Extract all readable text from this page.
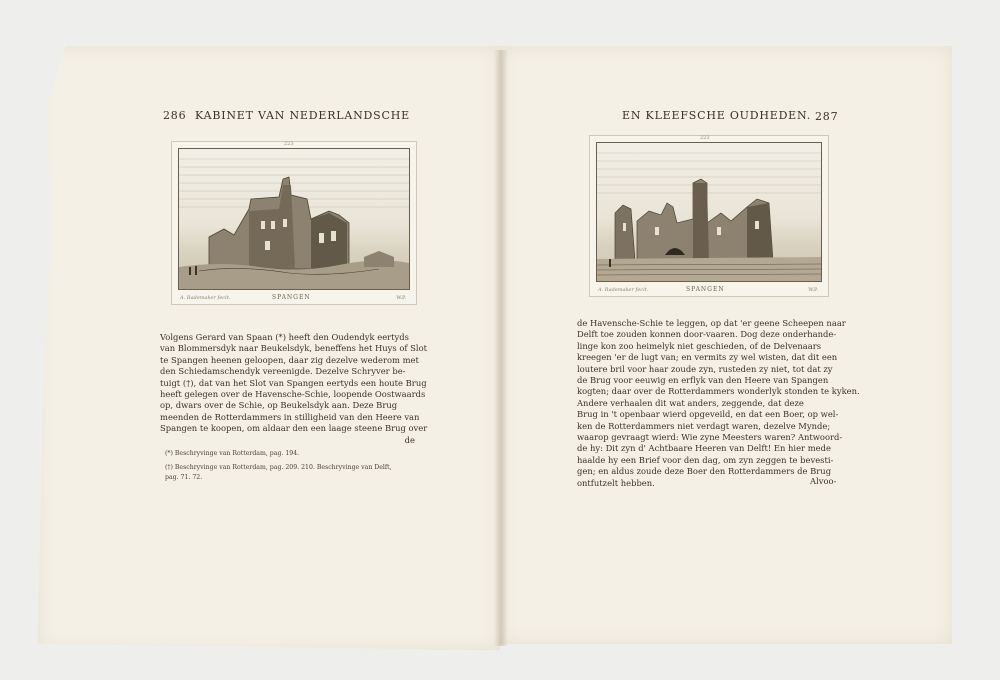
286 KABINET VAN NEDERLANDSCHE	EN KLEEFSCHE OUDHEDEN. 287
223
A. Rademaker fecit.	SPANGEN	W.P.
223
A. Rademaker fecit.	SPANGEN	W.P.

Volgens Gerard van Spaan (*) heeft den Oudendyk eertyds

van Blommersdyk naar Beukelsdyk, beneffens het Huys of Slot

te Spangen heenen geloopen, daar zig dezelve wederom met

den Schiedamschendyk vereenigde. Dezelve Schryver be-

tuigt (†), dat van het Slot van Spangen eertyds een houte Brug

heeft gelegen over de Havensche-Schie, loopende Oostwaards

op, dwars over de Schie, op Beukelsdyk aan. Deze Brug

meenden de Rotterdammers in stilligheid van den Heere van

Spangen te koopen, om aldaar den een laage steene Brug over

de

(*) Beschryvinge van Rotterdam, pag. 194.
(†) Beschryvinge van Rotterdam, pag. 209. 210. Beschryvinge van Delft,
pag. 71. 72.

de Havensche-Schie te leggen, op dat 'er geene Scheepen naar

Delft toe zouden konnen door-vaaren. Dog deze onderhande-

linge kon zoo heimelyk niet geschieden, of de Delvenaars

kreegen 'er de lugt van; en vermits zy wel wisten, dat dit een

loutere bril voor haar zoude zyn, rusteden zy niet, tot dat zy

de Brug voor eeuwig en erflyk van den Heere van Spangen

kogten; daar over de Rotterdammers wonderlyk stonden te kyken.

Andere verhaalen dit wat anders, zeggende, dat deze

Brug in 't openbaar wierd opgeveild, en dat een Boer, op wel-

ken de Rotterdammers niet verdagt waren, dezelve Mynde;

waarop gevraagt wierd: Wie zyne Meesters waren? Antwoord-

de hy: Dit zyn d' Achtbaare Heeren van Delft! En hier mede

haalde hy een Brief voor den dag, om zyn zeggen te bevesti-

gen; en aldus zoude deze Boer den Rotterdammers de Brug

ontfutzelt hebben.	Alvoo-
